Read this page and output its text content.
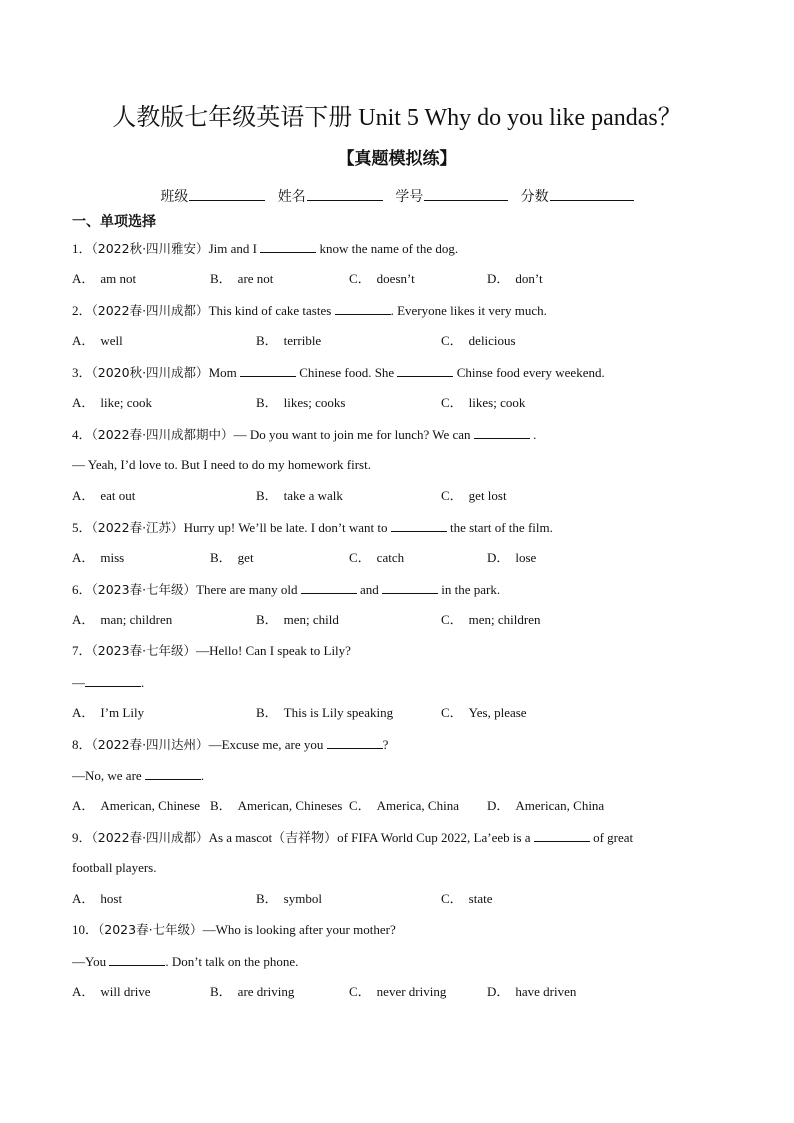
人教版七年级英语下册 Unit 5 Why do you like pandas？
【真题模拟练】
班级	姓名	学号	分数
一、单项选择
1．（2022秋·四川雅安）Jim and I	know the name of the dog.
A． am not	B． are not	C． doesn’t	D． don’t
2．（2022春·四川成都）This kind of cake tastes	. Everyone likes it very much.
A． well	B． terrible	C． delicious
3．（2020秋·四川成都）Mom	Chinese food. She	Chinse food every weekend.
A． like; cook	B． likes; cooks	C． likes; cook
4．（2022春·四川成都期中）— Do you want to join me for lunch? We can	.
— Yeah, I’d love to. But I need to do my homework first.
A． eat out	B． take a walk	C． get lost
5．（2022春·江苏）Hurry up! We’ll be late. I don’t want to	the start of the film.
A． miss	B． get	C． catch	D． lose
6．（2023春·七年级）There are many old	and	in the park.
A． man; children	B． men; child	C． men; children
7．（2023春·七年级）—Hello! Can I speak to Lily?
—	.
A． I’m Lily	B． This is Lily speaking	C． Yes, please
8．（2022春·四川达州）—Excuse me, are you	?
—No, we are	.
A． American, Chinese B． American, Chineses C． America, China D． American, China
9．（2022春·四川成都）As a mascot（吉祥物）of FIFA World Cup 2022, La’eeb is a	of great
football players.
A． host	B． symbol	C． state
10．（2023春·七年级）—Who is looking after your mother?
—You	. Don’t talk on the phone.
A． will drive	B． are driving	C． never driving	D． have driven
